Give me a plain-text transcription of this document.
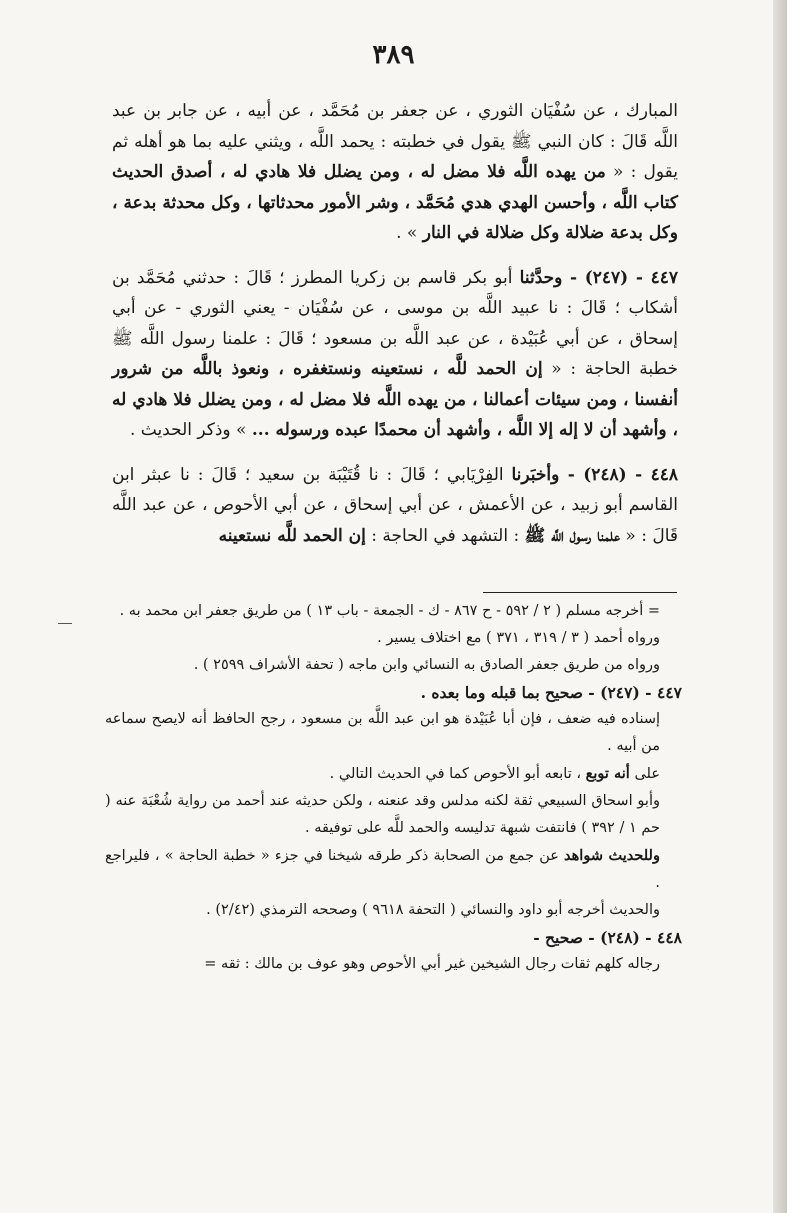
٣٨٩

المبارك ، عن سُفْيَان الثوري ، عن جعفر بن مُحَمَّد ، عن أبيه ، عن جابر بن عبد اللَّه قَالَ : كان النبي ﷺ يقول في خطبته : يحمد اللَّه ، ويثني عليه بما هو أهله ثم يقول : « من يهده اللَّه فلا مضل له ، ومن يضلل فلا هادي له ، أصدق الحديث كتاب اللَّه ، وأحسن الهدي هدي مُحَمَّد ، وشر الأمور محدثاتها ، وكل محدثة بدعة ، وكل بدعة ضلالة وكل ضلالة في النار » .

٤٤٧ - (٢٤٧) - وحدَّثنا أبو بكر قاسم بن زكريا المطرز ؛ قَالَ : حدثني مُحَمَّد بن أشكاب ؛ قَالَ : نا عبيد اللَّه بن موسى ، عن سُفْيَان - يعني الثوري - عن أبي إسحاق ، عن أبي عُبَيْدة ، عن عبد اللَّه بن مسعود ؛ قَالَ : علمنا رسول اللَّه ﷺ خطبة الحاجة : « إن الحمد للَّه ، نستعينه ونستغفره ، ونعوذ باللَّه من شرور أنفسنا ، ومن سيئات أعمالنا ، من يهده اللَّه فلا مضل له ، ومن يضلل فلا هادي له ، وأشهد أن لا إله إلا اللَّه ، وأشهد أن محمدًا عبده ورسوله ... » وذكر الحديث .

٤٤٨ - (٢٤٨) - وأخبَرنا الفِرْيَابي ؛ قَالَ : نا قُتَيْبَة بن سعيد ؛ قَالَ : نا عبثر ابن القاسم أبو زبيد ، عن الأعمش ، عن أبي إسحاق ، عن أبي الأحوص ، عن عبد اللَّه قَالَ : « علمنا رسول اللَّه ﷺ : التشهد في الحاجة : إن الحمد للَّه نستعينه

= أخرجه مسلم ( ٢ / ٥٩٢ - ح ٨٦٧ - ك - الجمعة - باب ١٣ ) من طريق جعفر ابن محمد به .
ورواه أحمد ( ٣ / ٣١٩ ، ٣٧١ ) مع اختلاف يسير .
ورواه من طريق جعفر الصادق به النسائي وابن ماجه ( تحفة الأشراف ٢٥٩٩ ) .
٤٤٧ - (٢٤٧) - صحيح بما قبله وما بعده .
إسناده فيه ضعف ، فإن أبا عُبَيْدة هو ابن عبد اللَّه بن مسعود ، رجح الحافظ أنه لايصح سماعه من أبيه .
على أنه توبع ، تابعه أبو الأحوص كما في الحديث التالي .
وأبو اسحاق السبيعي ثقة لكنه مدلس وقد عنعنه ، ولكن حديثه عند أحمد من رواية شُعْبَة عنه ( حم ١ / ٣٩٢ ) فانتفت شبهة تدليسه والحمد للَّه على توفيقه .
وللحديث شواهد عن جمع من الصحابة ذكر طرقه شيخنا في جزء « خطبة الحاجة » ، فليراجع .
والحديث أخرجه أبو داود والنسائي ( التحفة ٩٦١٨ ) وصححه الترمذي (٢/٤٢) .
٤٤٨ - (٢٤٨) - صحيح -
رجاله كلهم ثقات رجال الشيخين غير أبي الأحوص وهو عوف بن مالك : ثقه =
